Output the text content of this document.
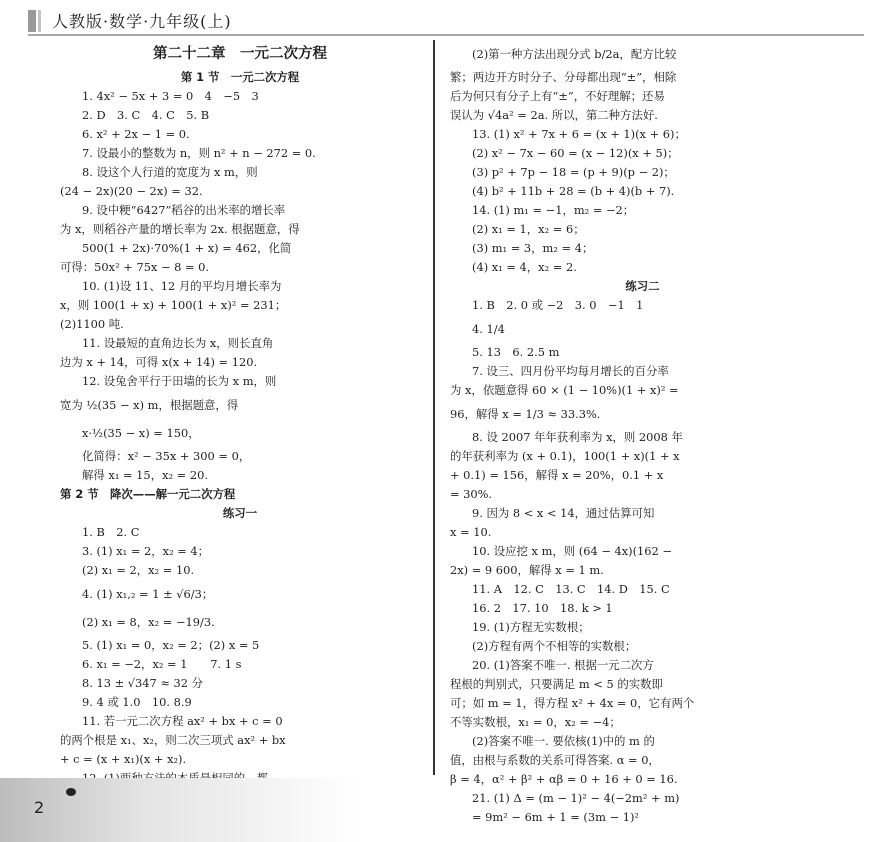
人教版·数学·九年级(上)
第二十二章　一元二次方程
第 1 节　一元二次方程
1. 4x² − 5x + 3 = 0　4　−5　3
2. D　3. C　4. C　5. B
6. x² + 2x − 1 = 0.
7. 设最小的整数为 n，则 n² + n − 272 = 0.
8. 设这个人行道的宽度为 x m，则
(24 − 2x)(20 − 2x) = 32.
9. 设中粳“6427”稻谷的出米率的增长率
为 x，则稻谷产量的增长率为 2x. 根据题意，得
500(1 + 2x)·70%(1 + x) = 462，化简
可得：50x² + 75x − 8 = 0.
10. (1)设 11、12 月的平均月增长率为
x，则 100(1 + x) + 100(1 + x)² = 231；
(2)1100 吨.
11. 设最短的直角边长为 x，则长直角
边为 x + 14，可得 x(x + 14) = 120.
12. 设兔舍平行于田墙的长为 x m，则
宽为 ½(35 − x) m，根据题意，得
x·½(35 − x) = 150，
化简得：x² − 35x + 300 = 0，
解得 x₁ = 15，x₂ = 20.
第 2 节　降次——解一元二次方程
练习一
1. B　2. C
3. (1) x₁ = 2，x₂ = 4；
(2) x₁ = 2，x₂ = 10.
4. (1) x₁,₂ = 1 ± √6/3；
(2) x₁ = 8，x₂ = −19/3.
5. (1) x₁ = 0，x₂ = 2；(2) x = 5
6. x₁ = −2，x₂ = 1　　7. 1 s
8. 13 ± √347 ≈ 32 分
9. 4 或 1.0　10. 8.9
11. 若一元二次方程 ax² + bx + c = 0
的两个根是 x₁、x₂，则二次三项式 ax² + bx
+ c = (x + x₁)(x + x₂).
(2)第一种方法出现分式 b/2a，配方比较
繁；两边开方时分子、分母都出现“±”，相除
后为何只有分子上有“±”，不好理解；还易
误认为 √4a² = 2a. 所以，第二种方法好.
13. (1) x² + 7x + 6 = (x + 1)(x + 6)；
(2) x² − 7x − 60 = (x − 12)(x + 5)；
(3) p² + 7p − 18 = (p + 9)(p − 2)；
(4) b² + 11b + 28 = (b + 4)(b + 7).
14. (1) m₁ = −1，m₂ = −2；
(2) x₁ = 1，x₂ = 6；
(3) m₁ = 3，m₂ = 4；
(4) x₁ = 4，x₂ = 2.
练习二
1. B　2. 0 或 −2　3. 0　−1　1
4. 1/4
5. 13　6. 2.5 m
7. 设三、四月份平均每月增长的百分率
为 x，依题意得 60 × (1 − 10%)(1 + x)² =
96，解得 x = 1/3 ≈ 33.3%.
8. 设 2007 年年获利率为 x，则 2008 年
的年获利率为 (x + 0.1)，100(1 + x)(1 + x
+ 0.1) = 156，解得 x = 20%，0.1 + x
= 30%.
9. 因为 8 < x < 14，通过估算可知
x = 10.
10. 设应挖 x m，则 (64 − 4x)(162 −
2x) = 9 600，解得 x = 1 m.
11. A　12. C　13. C　14. D　15. C
16. 2　17. 10　18. k > 1
19. (1)方程无实数根；
(2)方程有两个不相等的实数根；
20. (1)答案不唯一. 根据一元二次方
程根的判别式，只要满足 m < 5 的实数即
可；如 m = 1，得方程 x² + 4x = 0，它有两个
不等实数根，x₁ = 0，x₂ = −4；
(2)答案不唯一. 要依核(1)中的 m 的
值，由根与系数的关系可得答案. α = 0，
β = 4，α² + β² + αβ = 0 + 16 + 0 = 16.
21. (1) Δ = (m − 1)² − 4(−2m² + m)
= 9m² − 6m + 1 = (3m − 1)²
2
